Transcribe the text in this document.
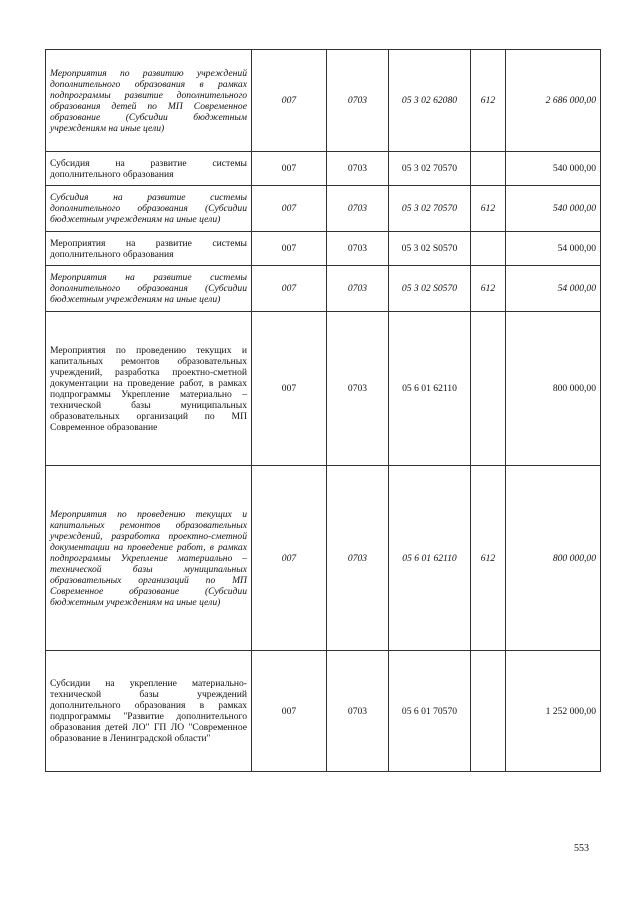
Мероприятия по развитию учреждений дополнительного образования в рамках подпрограммы развитие дополнительного образования детей по МП Современное образование (Субсидии бюджетным учреждениям на иные цели)	007	0703	05 3 02 62080	612	2 686 000,00
Субсидия на развитие системы дополнительного образования	007	0703	05 3 02 70570		540 000,00
Субсидия на развитие системы дополнительного образования (Субсидии бюджетным учреждениям на иные цели)	007	0703	05 3 02 70570	612	540 000,00
Мероприятия на развитие системы дополнительного образования	007	0703	05 3 02 S0570		54 000,00
Мероприятия на развитие системы дополнительного образования (Субсидии бюджетным учреждениям на иные цели)	007	0703	05 3 02 S0570	612	54 000,00
Мероприятия по проведению текущих и капитальных ремонтов образовательных учреждений, разработка проектно-сметной документации на проведение работ, в рамках подпрограммы Укрепление материально – технической базы муниципальных образовательных организаций по МП Современное образование	007	0703	05 6 01 62110		800 000,00
Мероприятия по проведению текущих и капитальных ремонтов образовательных учреждений, разработка проектно-сметной документации на проведение работ, в рамках подпрограммы Укрепление материально – технической базы муниципальных образовательных организаций по МП Современное образование (Субсидии бюджетным учреждениям на иные цели)	007	0703	05 6 01 62110	612	800 000,00
Субсидии на укрепление материально-технической базы учреждений дополнительного образования в рамках подпрограммы "Развитие дополнительного образования детей ЛО" ГП ЛО "Современное образование в Ленинградской области"	007	0703	05 6 01 70570		1 252 000,00
553
